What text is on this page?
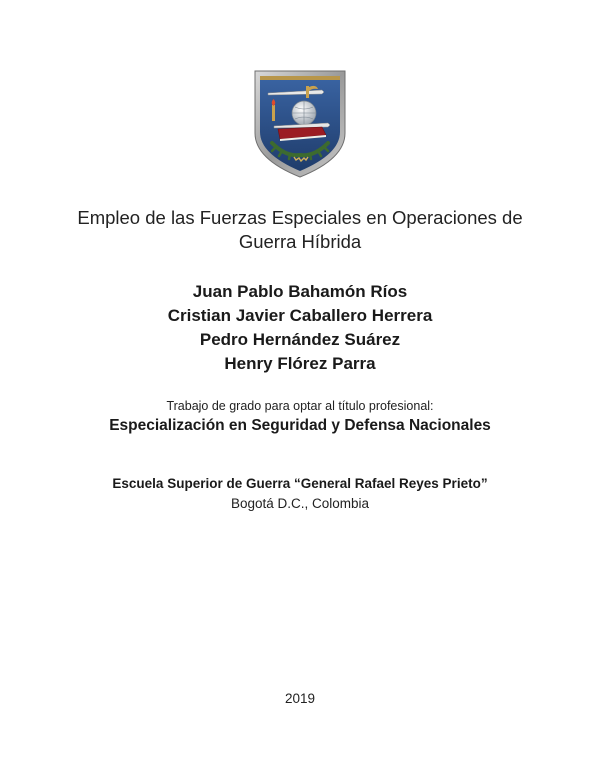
Empleo de las Fuerzas Especiales en Operaciones de
Guerra Híbrida
Juan Pablo Bahamón Ríos
Cristian Javier Caballero Herrera
Pedro Hernández Suárez
Henry Flórez Parra
Trabajo de grado para optar al título profesional:
Especialización en Seguridad y Defensa Nacionales
Escuela Superior de Guerra “General Rafael Reyes Prieto”
Bogotá D.C., Colombia
2019
